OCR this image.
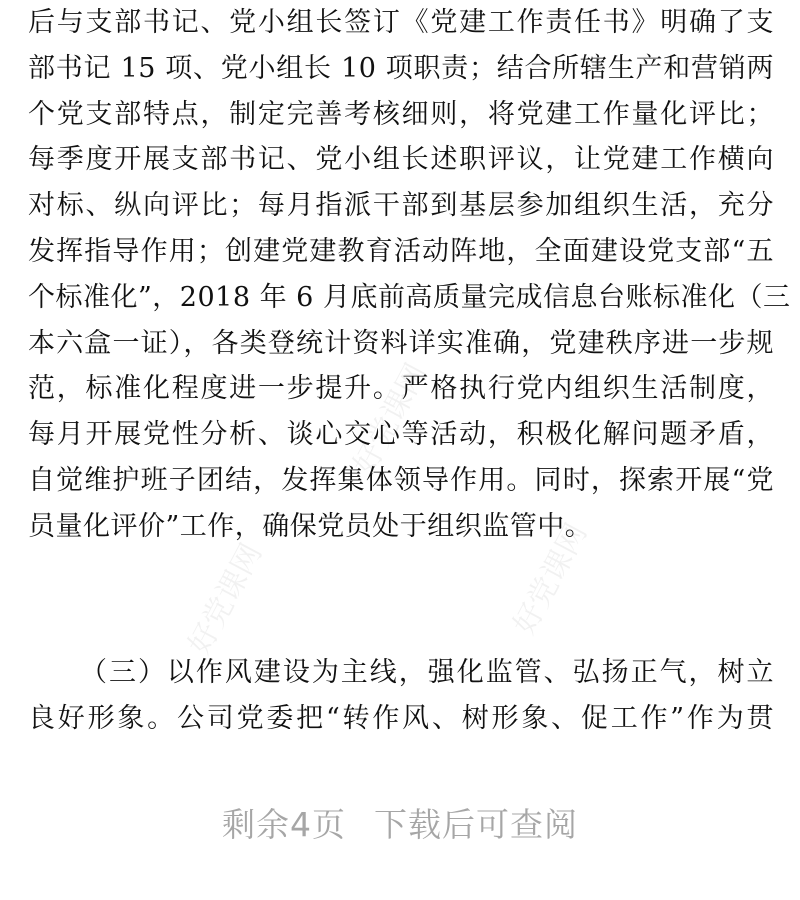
好党课网	好党课网
好党课网
后与支部书记、党小组长签订《党建工作责任书》明确了支
部书记 15 项、党小组长 10 项职责；结合所辖生产和营销两
个党支部特点，制定完善考核细则，将党建工作量化评比；
每季度开展支部书记、党小组长述职评议，让党建工作横向
对标、纵向评比；每月指派干部到基层参加组织生活，充分
发挥指导作用；创建党建教育活动阵地，全面建设党支部“五
个标准化”，2018 年 6 月底前高质量完成信息台账标准化（三
本六盒一证），各类登统计资料详实准确，党建秩序进一步规
范，标准化程度进一步提升。严格执行党内组织生活制度，
每月开展党性分析、谈心交心等活动，积极化解问题矛盾，
自觉维护班子团结，发挥集体领导作用。同时，探索开展“党
员量化评价”工作，确保党员处于组织监管中。
（三）以作风建设为主线，强化监管、弘扬正气，树立
良好形象。公司党委把“转作风、树形象、促工作”作为贯
剩余4页 下载后可查阅
